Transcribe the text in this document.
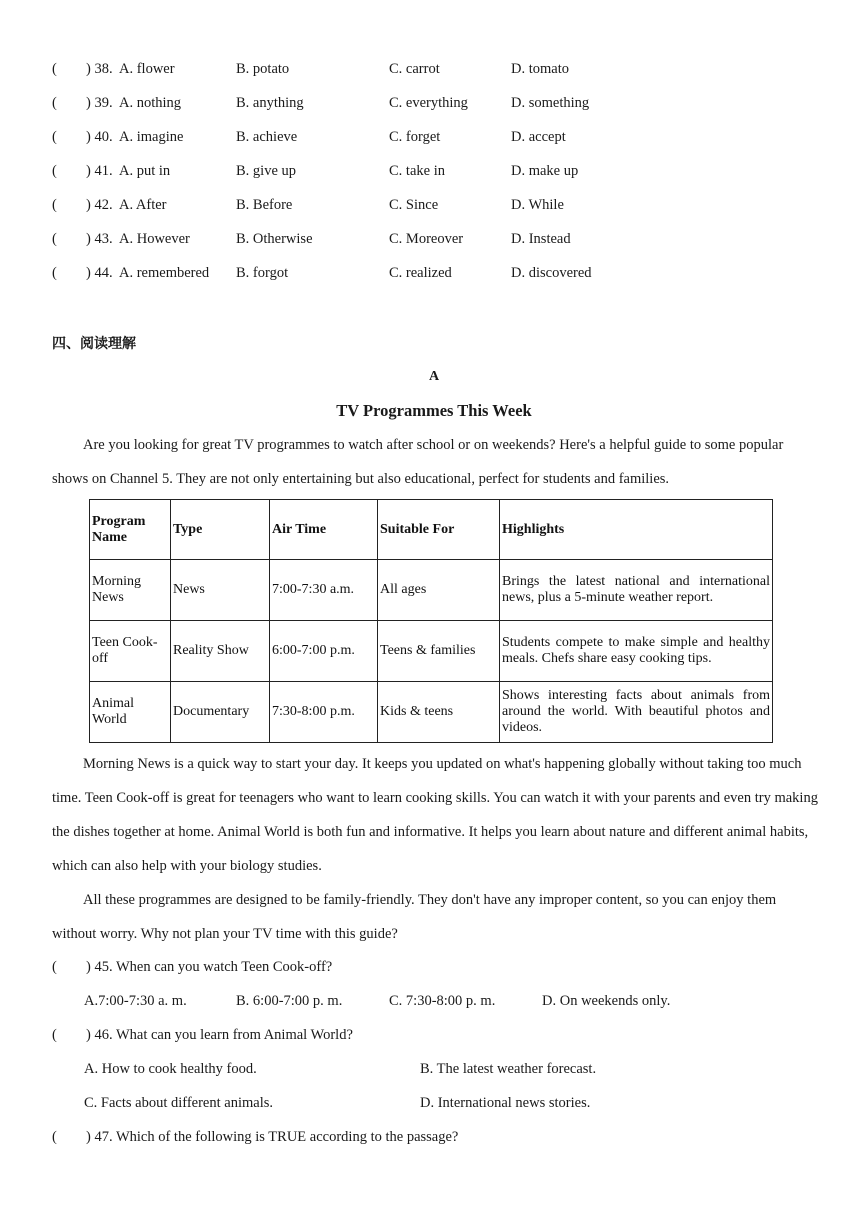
( ) 38. A. flower	B. potato	C. carrot	D. tomato
( ) 39. A. nothing	B. anything	C. everything	D. something
( ) 40. A. imagine	B. achieve	C. forget	D. accept
( ) 41. A. put in	B. give up	C. take in	D. make up
( ) 42. A. After	B. Before	C. Since	D. While
( ) 43. A. However	B. Otherwise	C. Moreover	D. Instead
( ) 44. A. remembered B. forgot	C. realized	D. discovered
四、阅读理解
A
TV Programmes This Week
Are you looking for great TV programmes to watch after school or on weekends? Here's a helpful guide to some popular shows on Channel 5. They are not only entertaining but also educational, perfect for students and families.
Program Name	Type	Air Time	Suitable For	Highlights
Morning News	News	7:00-7:30 a.m.	All ages	Brings the latest national and international news, plus a 5-minute weather report.
Teen Cook-off	Reality Show	6:00-7:00 p.m.	Teens & families	Students compete to make simple and healthy meals. Chefs share easy cooking tips.
Animal World	Documentary	7:30-8:00 p.m.	Kids & teens	Shows interesting facts about animals from around the world. With beautiful photos and videos.
Morning News is a quick way to start your day. It keeps you updated on what's happening globally without taking too much time. Teen Cook-off is great for teenagers who want to learn cooking skills. You can watch it with your parents and even try making the dishes together at home. Animal World is both fun and informative. It helps you learn about nature and different animal habits, which can also help with your biology studies.
All these programmes are designed to be family-friendly. They don't have any improper content, so you can enjoy them without worry. Why not plan your TV time with this guide?
( ) 45. When can you watch Teen Cook-off?
A.7:00-7:30 a. m.	B. 6:00-7:00 p. m.	C. 7:30-8:00 p. m.	D. On weekends only.
( ) 46. What can you learn from Animal World?
A. How to cook healthy food.	B. The latest weather forecast.
C. Facts about different animals.	D. International news stories.
( ) 47. Which of the following is TRUE according to the passage?
